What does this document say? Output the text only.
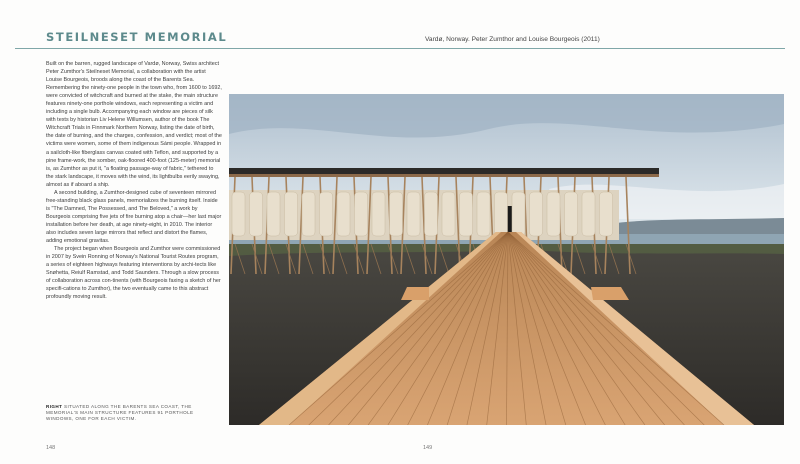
STEILNESET MEMORIAL	Vardø, Norway. Peter Zumthor and Louise Bourgeois (2011)

Built on the barren, rugged landscape of Vardø, Norway, Swiss architect Peter Zumthor's Steilneset Memorial, a collaboration with the artist Louise Bourgeois, broods along the coast of the Barents Sea. Remembering the ninety-one people in the town who, from 1600 to 1692, were convicted of witchcraft and burned at the stake, the main structure features ninety-one porthole windows, each representing a victim and including a single bulb. Accompanying each window are pieces of silk with texts by historian Liv Helene Willumsen, author of the book The Witchcraft Trials in Finnmark Northern Norway, listing the date of birth, the date of burning, and the charges, confession, and verdict; most of the victims were women, some of them indigenous Sámi people. Wrapped in a sailcloth-like fiberglass canvas coated with Teflon, and supported by a pine frame-work, the somber, oak-floored 400-foot (125-meter) memorial is, as Zumthor as put it, "a floating passage-way of fabric," tethered to the stark landscape, it moves with the wind, its lightbulbs eerily swaying, almost as if aboard a ship.

A second building, a Zumthor-designed cube of seventeen mirrored free-standing black glass panels, memorializes the burning itself. Inside is "The Damned, The Possessed, and The Beloved," a work by Bourgeois comprising five jets of fire burning atop a chair—her last major installation before her death, at age ninety-eight, in 2010. The interior also includes seven large mirrors that reflect and distort the flames, adding emotional gravitas.

The project began when Bourgeois and Zumthor were commissioned in 2007 by Svein Ronning of Norway's National Tourist Routes program, a series of eighteen highways featuring interventions by archi-tects like Snøhetta, Reiulf Ramstad, and Todd Saunders. Through a slow process of collaboration across con-tinents (with Bourgeois faxing a sketch of her specifi-cations to Zumthor), the two eventually came to this abstract profoundly moving result.

RIGHT SITUATED ALONG THE BARENTS SEA COAST, THE MEMORIAL'S MAIN STRUCTURE FEATURES 91 PORTHOLE WINDOWS, ONE FOR EACH VICTIM.
148	149
